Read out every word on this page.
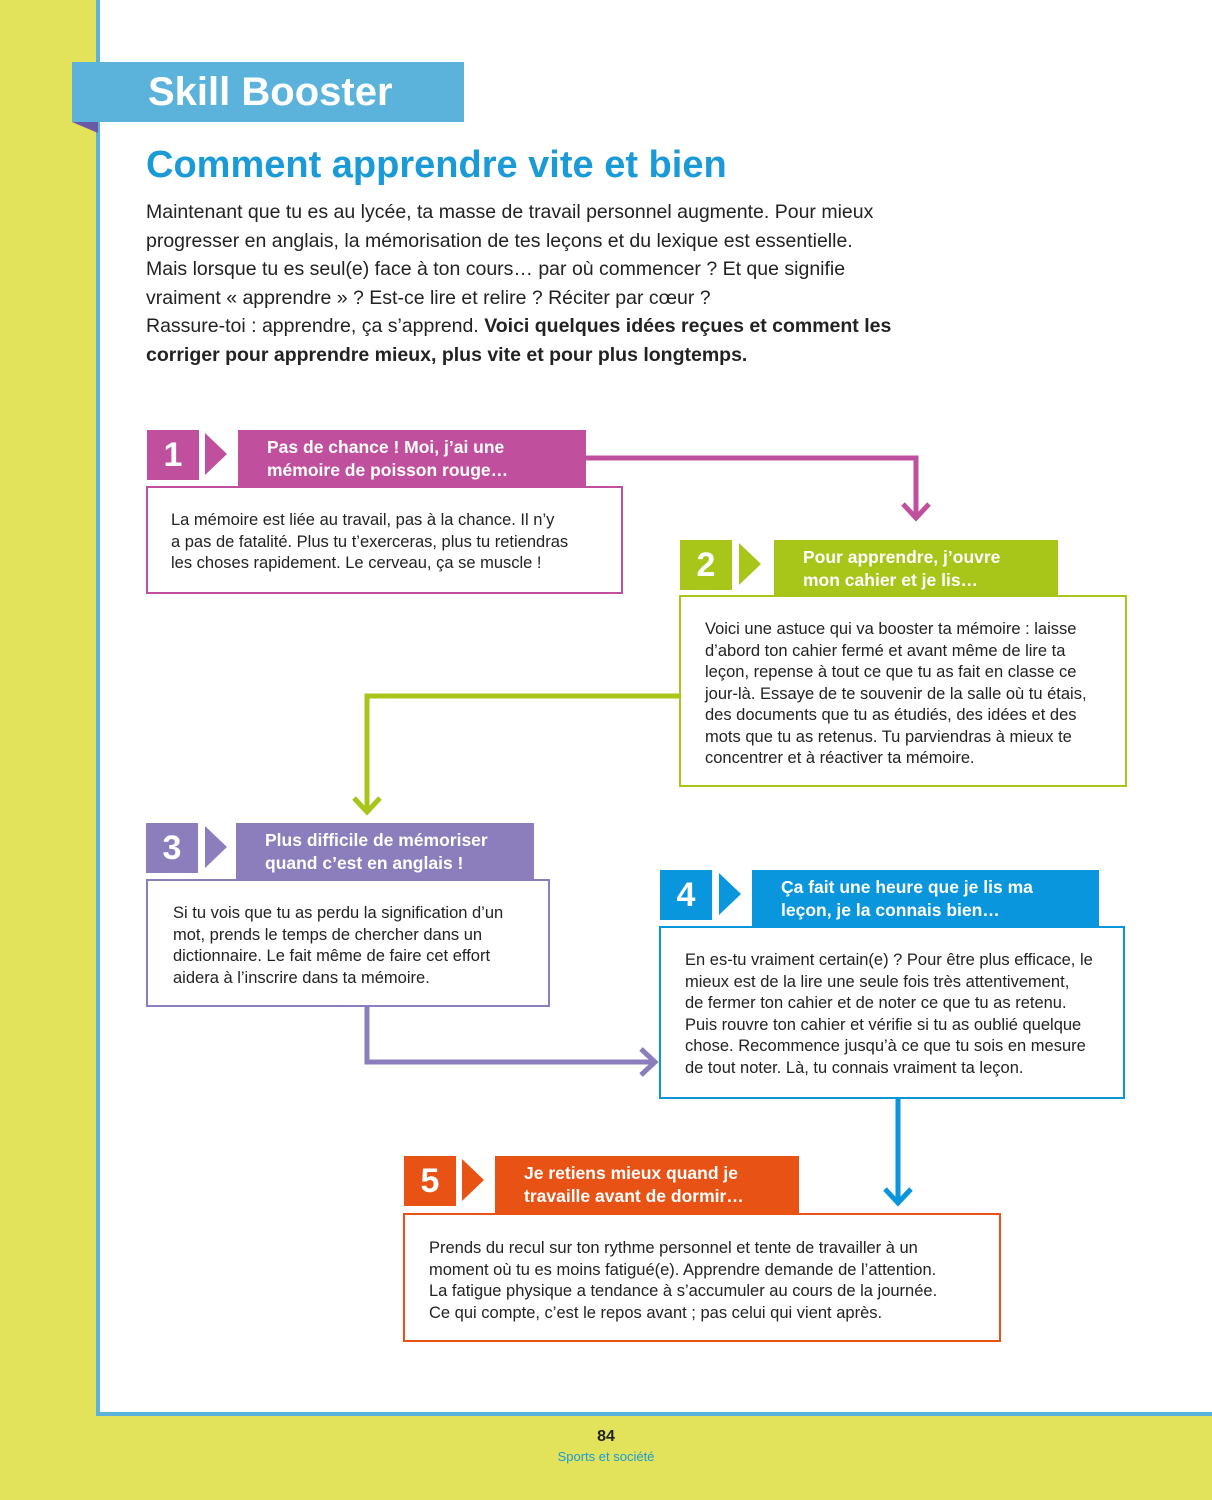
Skill Booster
Comment apprendre vite et bien

Maintenant que tu es au lycée, ta masse de travail personnel augmente. Pour mieux

progresser en anglais, la mémorisation de tes leçons et du lexique est essentielle.

Mais lorsque tu es seul(e) face à ton cours… par où commencer ? Et que signifie

vraiment « apprendre » ? Est-ce lire et relire ? Réciter par cœur ?

Rassure-toi : apprendre, ça s’apprend. Voici quelques idées reçues et comment les

corriger pour apprendre mieux, plus vite et pour plus longtemps.

1	Pas de chance ! Moi, j’ai une
mémoire de poisson rouge…
La mémoire est liée au travail, pas à la chance. Il n’y
a pas de fatalité. Plus tu t’exerceras, plus tu retiendras
les choses rapidement. Le cerveau, ça se muscle !	2	Pour apprendre, j’ouvre
mon cahier et je lis…
Voici une astuce qui va booster ta mémoire : laisse
d’abord ton cahier fermé et avant même de lire ta
leçon, repense à tout ce que tu as fait en classe ce
jour-là. Essaye de te souvenir de la salle où tu étais,
des documents que tu as étudiés, des idées et des
mots que tu as retenus. Tu parviendras à mieux te
concentrer et à réactiver ta mémoire.
3	Plus difficile de mémoriser
quand c’est en anglais !
Si tu vois que tu as perdu la signification d’un
mot, prends le temps de chercher dans un
dictionnaire. Le fait même de faire cet effort
aidera à l’inscrire dans ta mémoire.
4	Ça fait une heure que je lis ma
leçon, je la connais bien…
En es-tu vraiment certain(e) ? Pour être plus efficace, le
mieux est de la lire une seule fois très attentivement,
de fermer ton cahier et de noter ce que tu as retenu.
Puis rouvre ton cahier et vérifie si tu as oublié quelque
chose. Recommence jusqu’à ce que tu sois en mesure
de tout noter. Là, tu connais vraiment ta leçon.
5	Je retiens mieux quand je
travaille avant de dormir…
Prends du recul sur ton rythme personnel et tente de travailler à un
moment où tu es moins fatigué(e). Apprendre demande de l’attention.
La fatigue physique a tendance à s’accumuler au cours de la journée.
Ce qui compte, c’est le repos avant ; pas celui qui vient après.
84
Sports et société
